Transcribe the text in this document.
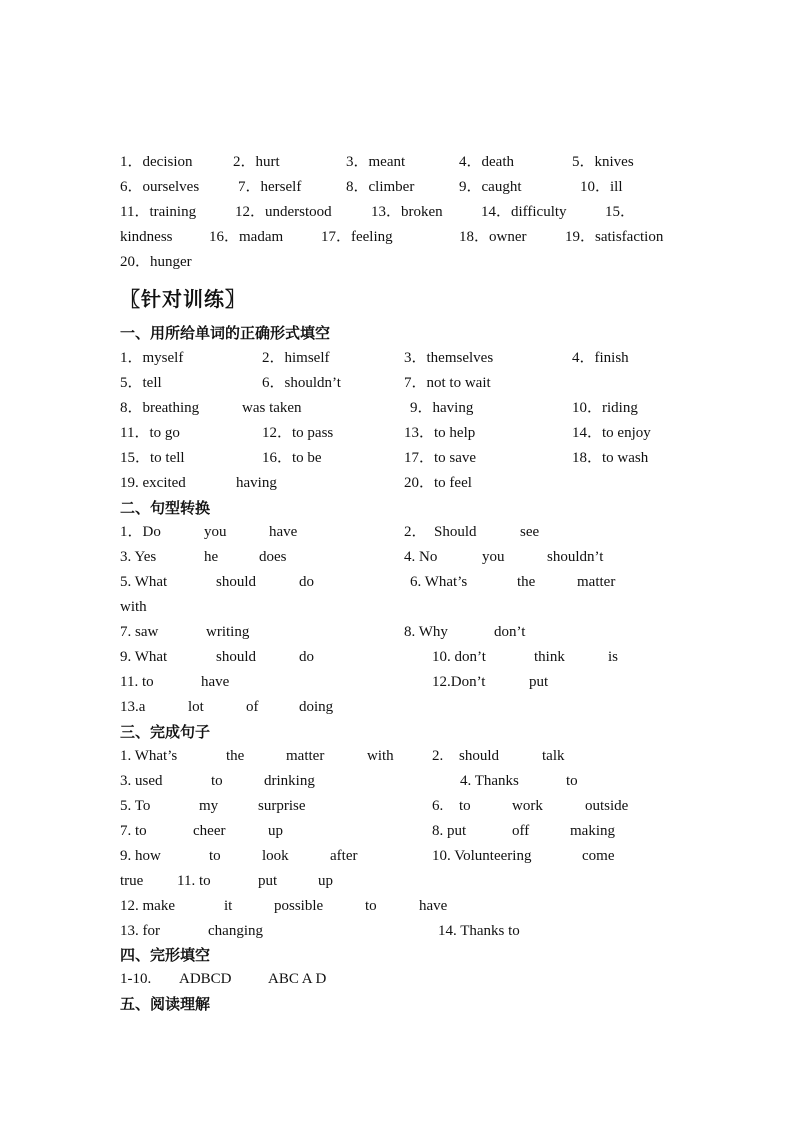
1．decision	2．hurt	3．meant	4．death	5．knives
6．ourselves	7．herself	8．climber	9．caught	10．ill
11．training	12．understood	13．broken	14．difficulty	15．
kindness 16．madam	17．feeling	18．owner	19．satisfaction
20．hunger
〖针对训练〗
一、用所给单词的正确形式填空
1．myself	2．himself	3．themselves	4．finish
5．tell	6．shouldn’t	7．not to wait
8．breathing	was taken	9．having	10．riding
11．to go	12．to pass	13．to help	14．to enjoy
15．to tell	16．to be	17．to save	18．to wash
19. excited	having	20．to feel
二、句型转换
1．Do	you	have	2． Should	see
3. Yes	he	does	4. No	you	shouldn’t
5. What	should	do	6. What’s	the	matter
with
7. saw	writing	8. Why	don’t
9. What	should	do	10. don’t	think	is
11. to	have	12.Don’t	put
13.a	lot	of	doing
三、完成句子
1. What’s	the	matter	with	2. should	talk
3. used	to	drinking	4. Thanks	to
5. To	my	surprise	6. to	work	outside
7. to	cheer	up	8. put	off	making
9. how	to	look	after	10. Volunteering	come
true 11. to	put	up
12. make	it	possible	to	have
13. for	changing	14. Thanks to
四、完形填空
1-10. ADBCD ABC A D
五、阅读理解
